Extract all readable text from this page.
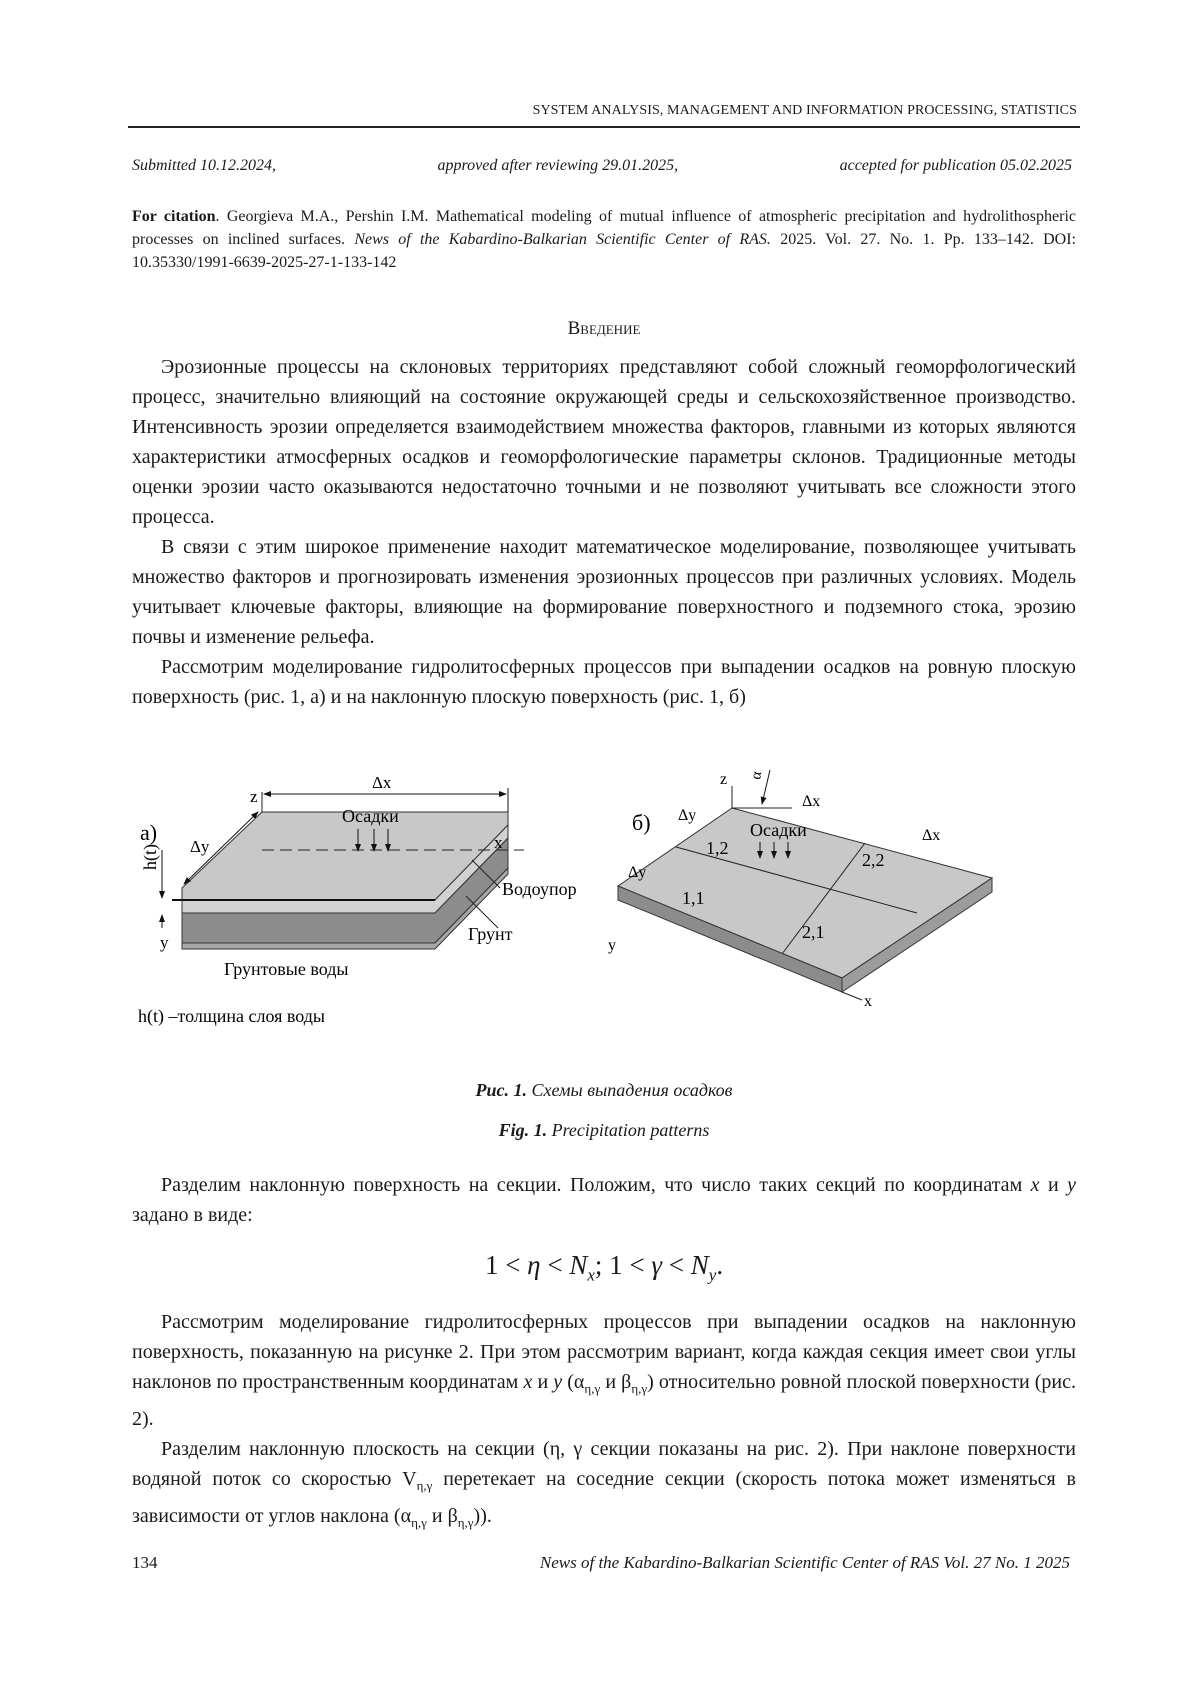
SYSTEM ANALYSIS, MANAGEMENT AND INFORMATION PROCESSING, STATISTICS
Submitted 10.12.2024,	approved after reviewing 29.01.2025,	accepted for publication 05.02.2025
For citation. Georgieva M.A., Pershin I.M. Mathematical modeling of mutual influence of atmospheric precipitation and hydrolithospheric processes on inclined surfaces. News of the Kabardino-Balkarian Scientific Center of RAS. 2025. Vol. 27. No. 1. Pp. 133–142. DOI: 10.35330/1991-6639-2025-27-1-133-142
Введение

Эрозионные процессы на склоновых территориях представляют собой сложный геоморфологический процесс, значительно влияющий на состояние окружающей среды и сельскохозяйственное производство. Интенсивность эрозии определяется взаимодействием множества факторов, главными из которых являются характеристики атмосферных осадков и геоморфологические параметры склонов. Традиционные методы оценки эрозии часто оказываются недостаточно точными и не позволяют учитывать все сложности этого процесса.

В связи с этим широкое применение находит математическое моделирование, позволяющее учитывать множество факторов и прогнозировать изменения эрозионных процессов при различных условиях. Модель учитывает ключевые факторы, влияющие на формирование поверхностного и подземного стока, эрозию почвы и изменение рельефа.

Рассмотрим моделирование гидролитосферных процессов при выпадении осадков на ровную плоскую поверхность (рис. 1, а) и на наклонную плоскую поверхность (рис. 1, б)

а)
z
x
Δx
Осадки
Δy
h(t)
y
Водоупор
Грунт
Грунтовые воды
h(t) –толщина слоя воды
б)
z α
Δx
Δx
Δy
Δy
Осадки
1,2
2,2
1,1
2,1
y
x
Рис. 1. Схемы выпадения осадков
Fig. 1. Precipitation patterns

Разделим наклонную поверхность на секции. Положим, что число таких секций по координатам x и y задано в виде:

$1 < \eta < N_x$; $1 < \gamma < N_y$.

Рассмотрим моделирование гидролитосферных процессов при выпадении осадков на наклонную поверхность, показанную на рисунке 2. При этом рассмотрим вариант, когда каждая секция имеет свои углы наклонов по пространственным координатам x и y ($\alpha_{\eta,\gamma}$ и $\beta_{\eta,\gamma}$) относительно ровной плоской поверхности (рис. 2).

Разделим наклонную плоскость на секции (η, γ секции показаны на рис. 2). При наклоне поверхности водяной поток со скоростью $V_{\eta,\gamma}$ перетекает на соседние секции (скорость потока может изменяться в зависимости от углов наклона ($\alpha_{\eta,\gamma}$ и $\beta_{\eta,\gamma}$)).

134	News of the Kabardino-Balkarian Scientific Center of RAS Vol. 27 No. 1 2025
